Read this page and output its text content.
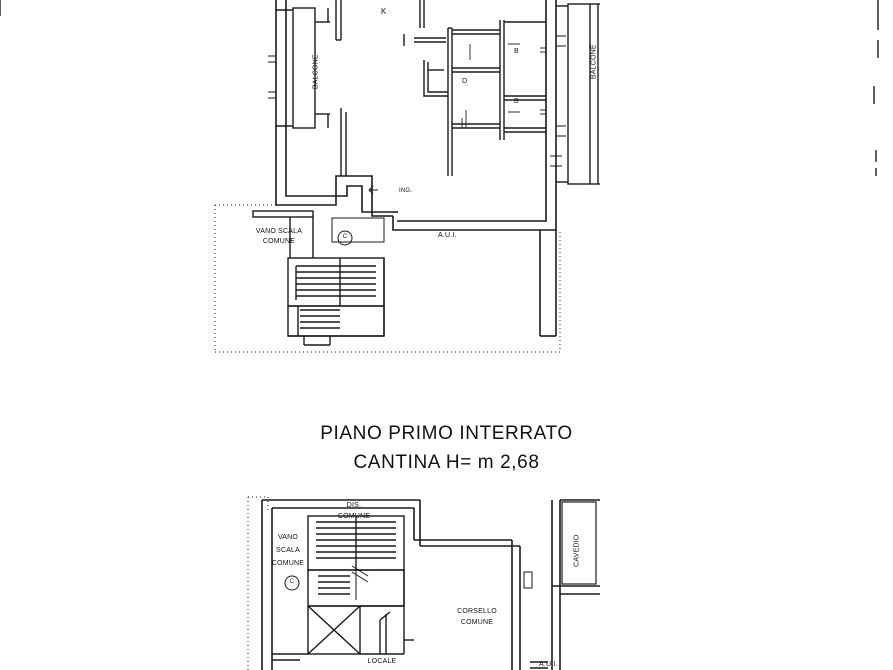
PIANO PRIMO INTERRATO
CANTINA H= m 2,68
BALCONE	BALCONE
K
D
B
B
ING.
A.U.I.
VANO SCALA
COMUNE
C
DIS.
COMUNE
VANO
SCALA
COMUNE
C
CORSELLO
COMUNE
LOCALE
CAVEDIO
A.U.I.
